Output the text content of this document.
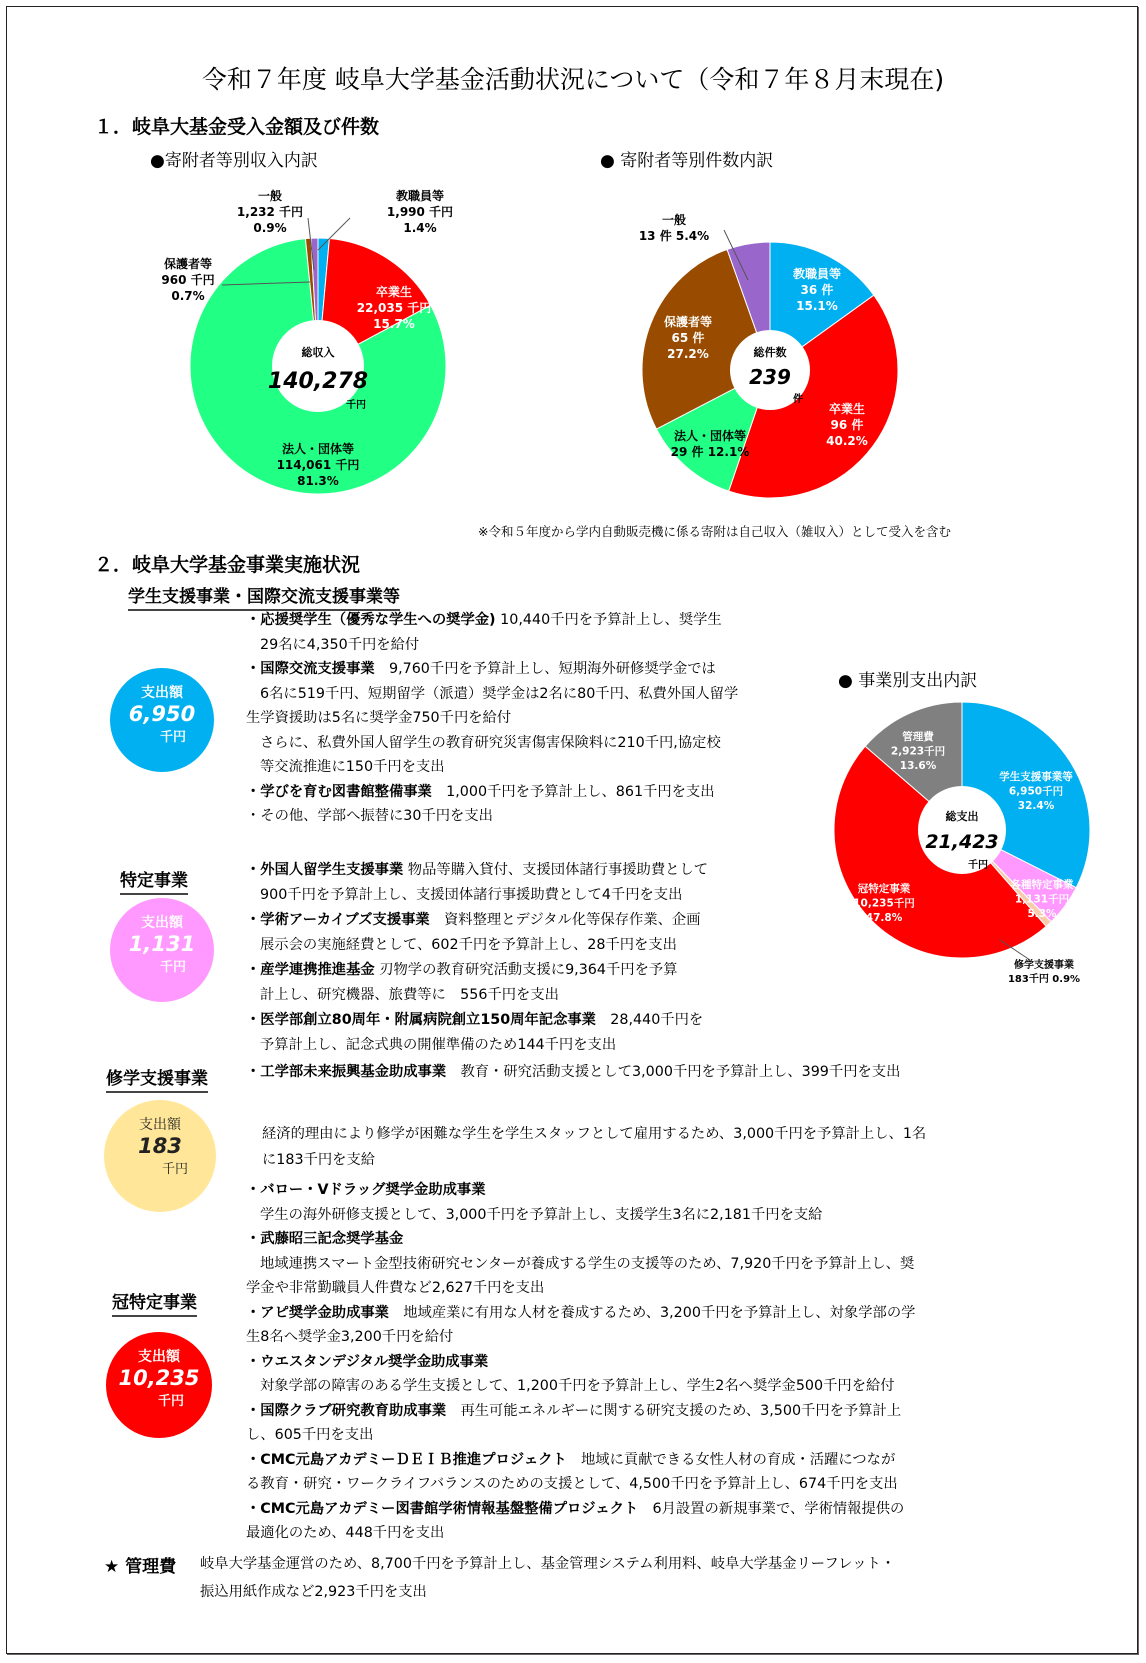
令和７年度 岐阜大学基金活動状況について（令和７年８月末現在)
１．岐阜大基金受入金額及び件数
●寄附者等別収入内訳	● 寄附者等別件数内訳
総収入
140,278
千円
教職員等
1,990 千円
1.4%
卒業生
22,035 千円
15.7%
法人・団体等
114,061 千円
81.3%
保護者等
960 千円
0.7%
一般
1,232 千円
0.9%
総件数
239
件
教職員等
36 件
15.1%
卒業生
96 件
40.2%
法人・団体等
29 件 12.1%
保護者等
65 件
27.2%
一般
13 件 5.4%
※令和５年度から学内自動販売機に係る寄附は自己収入（雑収入）として受入を含む
２．岐阜大学基金事業実施状況
学生支援事業・国際交流支援事業等
● 事業別支出内訳
総支出
21,423
千円
学生支援事業等
6,950千円
32.4%
各種特定事業
1,131千円
5.3%
修学支援事業
183千円 0.9%
冠特定事業
10,235千円
47.8%
管理費
2,923千円
13.6%
支出額
6,950
千円
特定事業
支出額
1,131
千円
修学支援事業
支出額
183
千円
冠特定事業
支出額
10,235
千円
・応援奨学生（優秀な学生への奨学金) 10,440千円を予算計上し、奨学生
29名に4,350千円を給付
・国際交流支援事業　9,760千円を予算計上し、短期海外研修奨学金では
6名に519千円、短期留学（派遣）奨学金は2名に80千円、私費外国人留学
生学資援助は5名に奨学金750千円を給付
さらに、私費外国人留学生の教育研究災害傷害保険料に210千円,協定校
等交流推進に150千円を支出
・学びを育む図書館整備事業　1,000千円を予算計上し、861千円を支出
・その他、学部へ振替に30千円を支出
・外国人留学生支援事業 物品等購入貸付、支援団体諸行事援助費として
900千円を予算計上し、支援団体諸行事援助費として4千円を支出
・学術アーカイブズ支援事業　資料整理とデジタル化等保存作業、企画
展示会の実施経費として、602千円を予算計上し、28千円を支出
・産学連携推進基金 刃物学の教育研究活動支援に9,364千円を予算
計上し、研究機器、旅費等に　556千円を支出
・医学部創立80周年・附属病院創立150周年記念事業　28,440千円を
予算計上し、記念式典の開催準備のため144千円を支出
・工学部未来振興基金助成事業　教育・研究活動支援として3,000千円を予算計上し、399千円を支出
経済的理由により修学が困難な学生を学生スタッフとして雇用するため、3,000千円を予算計上し、1名
に183千円を支給
・バロー・Vドラッグ奨学金助成事業
学生の海外研修支援として、3,000千円を予算計上し、支援学生3名に2,181千円を支給
・武藤昭三記念奨学基金
地域連携スマート金型技術研究センターが養成する学生の支援等のため、7,920千円を予算計上し、奨
学金や非常勤職員人件費など2,627千円を支出
・アピ奨学金助成事業　地域産業に有用な人材を養成するため、3,200千円を予算計上し、対象学部の学
生8名へ奨学金3,200千円を給付
・ウエスタンデジタル奨学金助成事業
対象学部の障害のある学生支援として、1,200千円を予算計上し、学生2名へ奨学金500千円を給付
・国際クラブ研究教育助成事業　再生可能エネルギーに関する研究支援のため、3,500千円を予算計上
し、605千円を支出
・CMC元島アカデミーＤＥＩＢ推進プロジェクト　地域に貢献できる女性人材の育成・活躍につなが
る教育・研究・ワークライフバランスのための支援として、4,500千円を予算計上し、674千円を支出
・CMC元島アカデミー図書館学術情報基盤整備プロジェクト　6月設置の新規事業で、学術情報提供の
最適化のため、448千円を支出
★ 管理費 岐阜大学基金運営のため、8,700千円を予算計上し、基金管理システム利用料、岐阜大学基金リーフレット・
振込用紙作成など2,923千円を支出
